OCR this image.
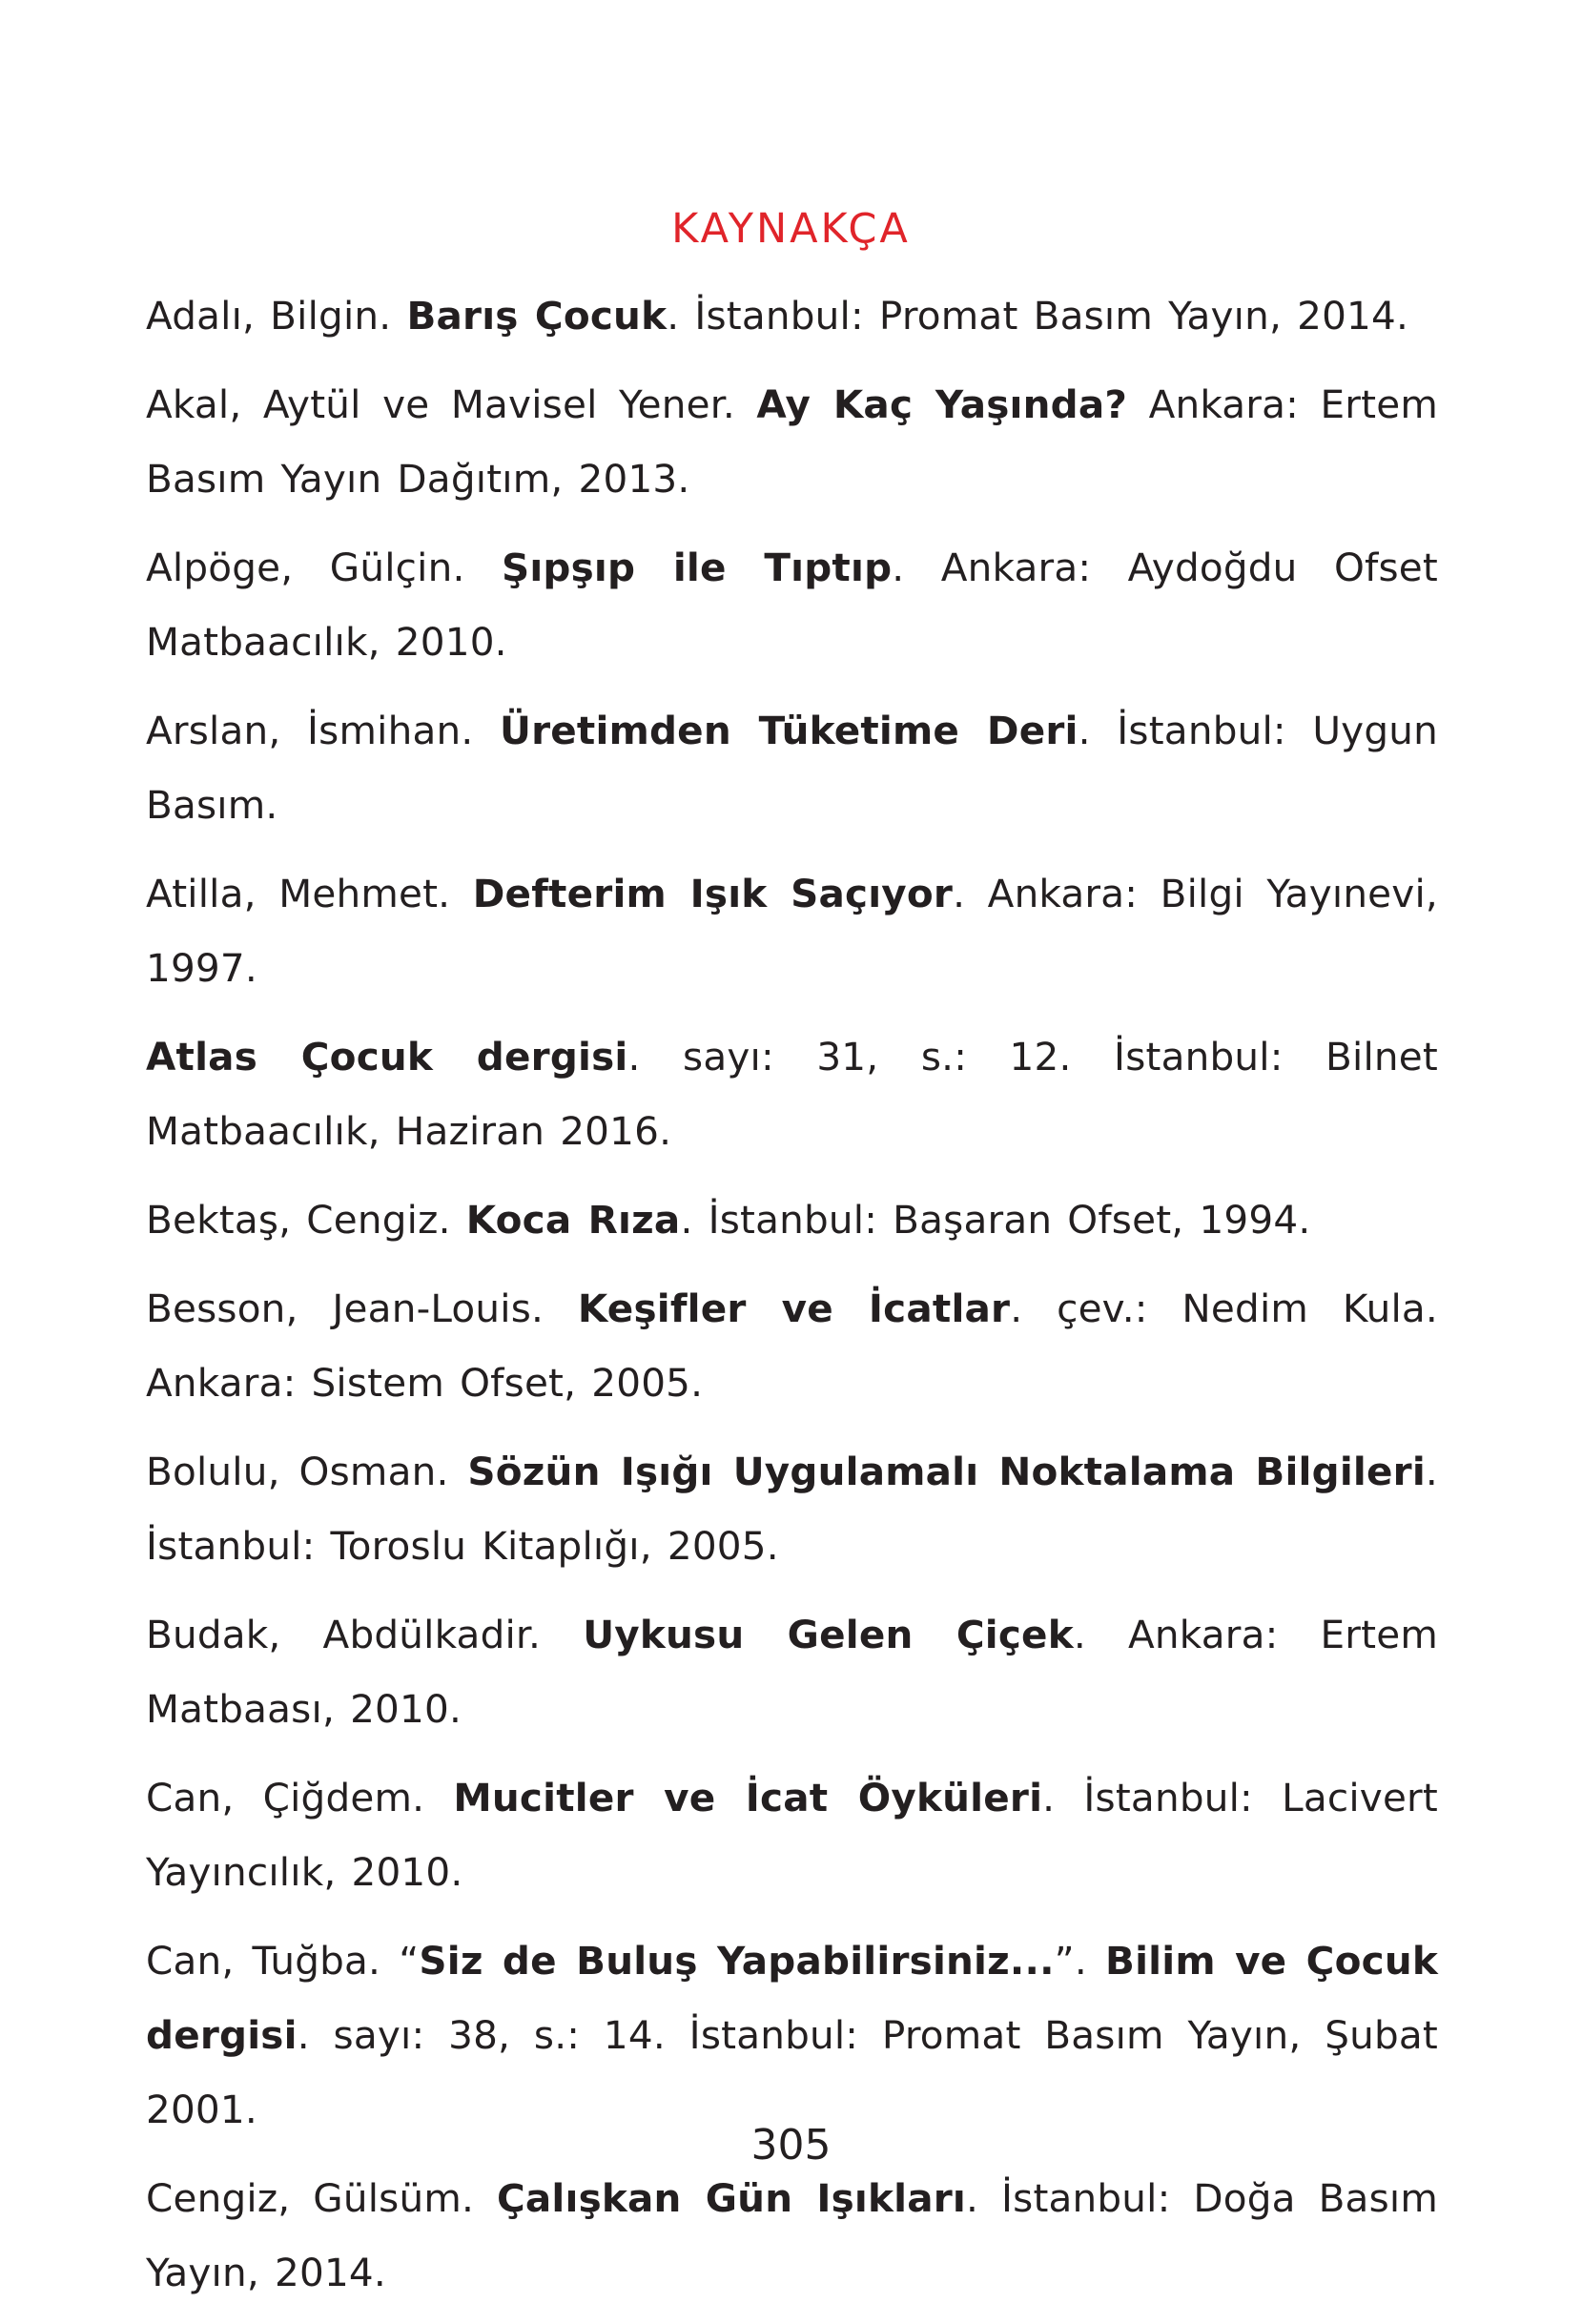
KAYNAKÇA

Adalı, Bilgin. Barış Çocuk. İstanbul: Promat Basım Yayın, 2014.

Akal, Aytül ve Mavisel Yener. Ay Kaç Yaşında? Ankara: Ertem Basım Yayın Dağıtım, 2013.

Alpöge, Gülçin. Şıpşıp ile Tıptıp. Ankara: Aydoğdu Ofset Matbaacılık, 2010.

Arslan, İsmihan. Üretimden Tüketime Deri. İstanbul: Uygun Basım.

Atilla, Mehmet. Defterim Işık Saçıyor. Ankara: Bilgi Yayınevi, 1997.

Atlas Çocuk dergisi. sayı: 31, s.: 12. İstanbul: Bilnet Matbaacılık, Haziran 2016.

Bektaş, Cengiz. Koca Rıza. İstanbul: Başaran Ofset, 1994.

Besson, Jean-Louis. Keşifler ve İcatlar. çev.: Nedim Kula. Ankara: Sistem Ofset, 2005.

Bolulu, Osman. Sözün Işığı Uygulamalı Noktalama Bilgileri. İstanbul: Toroslu Kitaplığı, 2005.

Budak, Abdülkadir. Uykusu Gelen Çiçek. Ankara: Ertem Matbaası, 2010.

Can, Çiğdem. Mucitler ve İcat Öyküleri. İstanbul: Lacivert Yayıncılık, 2010.

Can, Tuğba. “Siz de Buluş Yapabilirsiniz...”. Bilim ve Çocuk dergisi. sayı: 38, s.: 14. İstanbul: Promat Basım Yayın, Şubat 2001.

Cengiz, Gülsüm. Çalışkan Gün Işıkları. İstanbul: Doğa Basım Yayın, 2014.

305
